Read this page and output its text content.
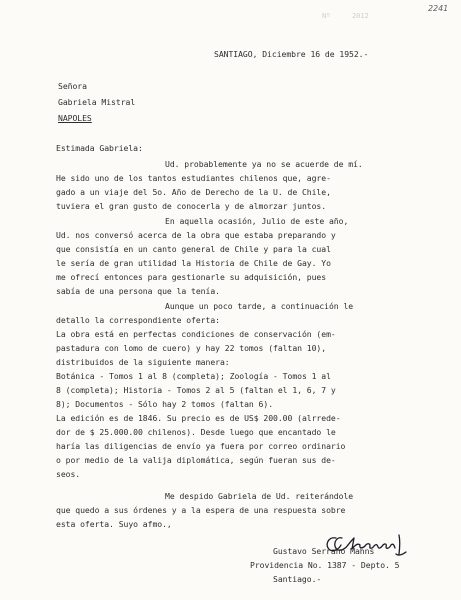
2241
Nº	2012
SANTIAGO, Diciembre 16 de 1952.-
Señora
Gabriela Mistral
NAPOLES
Estimada Gabriela:
Ud. probablemente ya no se acuerde de mí.
He sido uno de los tantos estudiantes chilenos que, agre-
gado a un viaje del 5o. Año de Derecho de la U. de Chile,
tuviera el gran gusto de conocerla y de almorzar juntos.
En aquella ocasión, Julio de este año,
Ud. nos conversó acerca de la obra que estaba preparando y
que consistía en un canto general de Chile y para la cual
le sería de gran utilidad la Historia de Chile de Gay. Yo
me ofrecí entonces para gestionarle su adquisición, pues
sabía de una persona que la tenía.
Aunque un poco tarde, a continuación le
detallo la correspondiente oferta:
La obra está en perfectas condiciones de conservación (em-
pastadura con lomo de cuero) y hay 22 tomos (faltan 10),
distribuidos de la siguiente manera:
Botánica - Tomos 1 al 8 (completa); Zoología - Tomos 1 al
8 (completa); Historia - Tomos 2 al 5 (faltan el 1, 6, 7 y
8); Documentos - Sólo hay 2 tomos (faltan 6).
La edición es de 1846. Su precio es de US$ 200.00 (alrrede-
dor de $ 25.000.00 chilenos). Desde luego que encantado le
haría las diligencias de envío ya fuera por correo ordinario
o por medio de la valija diplomática, según fueran sus de-
seos.
Me despido Gabriela de Ud. reiterándole
que quedo a sus órdenes y a la espera de una respuesta sobre
esta oferta. Suyo afmo.,
Gustavo Serrano Mahns
Providencia No. 1387 - Depto. 5
Santiago.-
